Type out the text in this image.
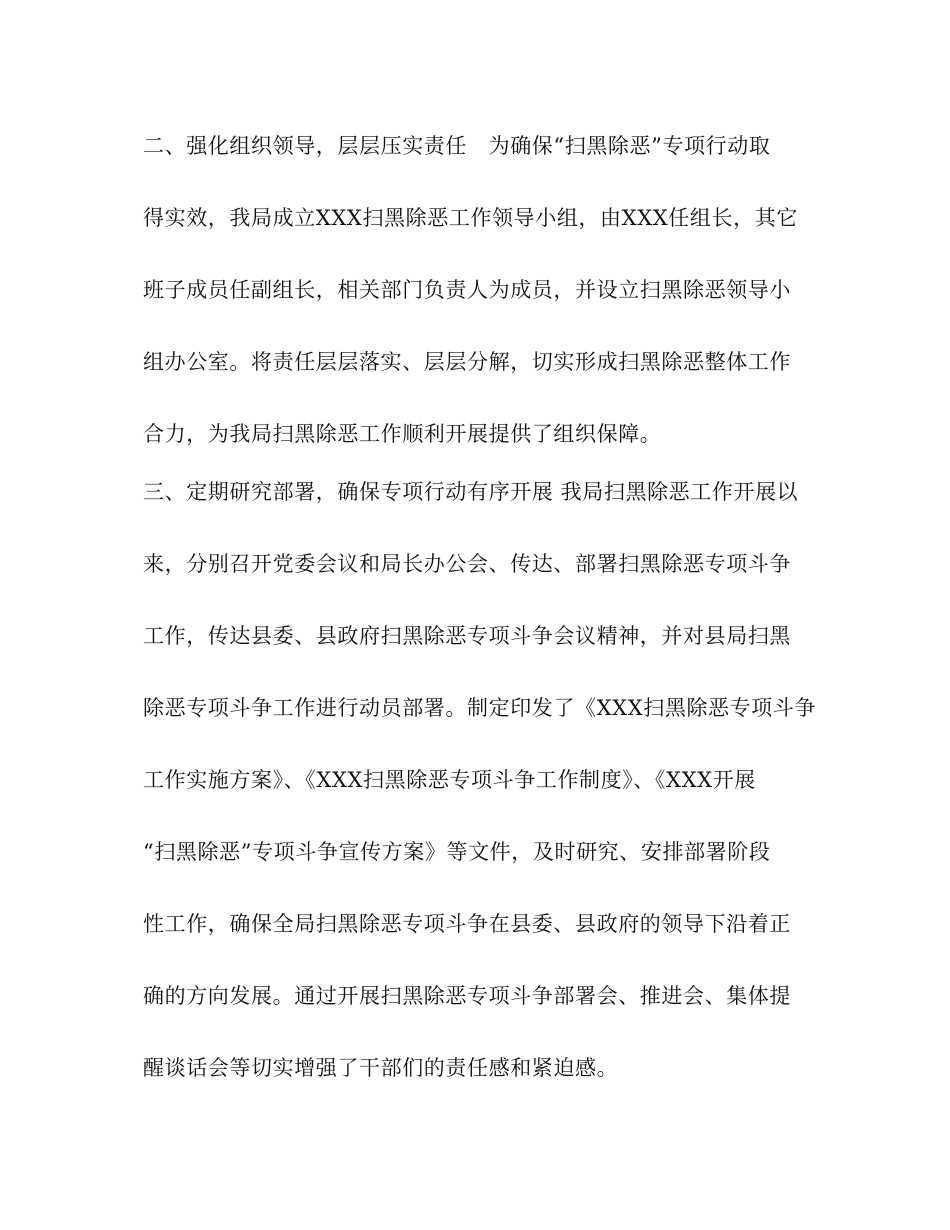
二、强化组织领导，层层压实责任　为确保“扫黑除恶”专项行动取
得实效，我局成立XXX扫黑除恶工作领导小组，由XXX任组长，其它
班子成员任副组长，相关部门负责人为成员，并设立扫黑除恶领导小
组办公室。将责任层层落实、层层分解，切实形成扫黑除恶整体工作
合力，为我局扫黑除恶工作顺利开展提供了组织保障。
三、定期研究部署，确保专项行动有序开展 我局扫黑除恶工作开展以
来，分别召开党委会议和局长办公会、传达、部署扫黑除恶专项斗争
工作，传达县委、县政府扫黑除恶专项斗争会议精神，并对县局扫黑
除恶专项斗争工作进行动员部署。制定印发了《XXX扫黑除恶专项斗争
工作实施方案》、《XXX扫黑除恶专项斗争工作制度》、《XXX开展
“扫黑除恶”专项斗争宣传方案》等文件，及时研究、安排部署阶段
性工作，确保全局扫黑除恶专项斗争在县委、县政府的领导下沿着正
确的方向发展。通过开展扫黑除恶专项斗争部署会、推进会、集体提
醒谈话会等切实增强了干部们的责任感和紧迫感。
